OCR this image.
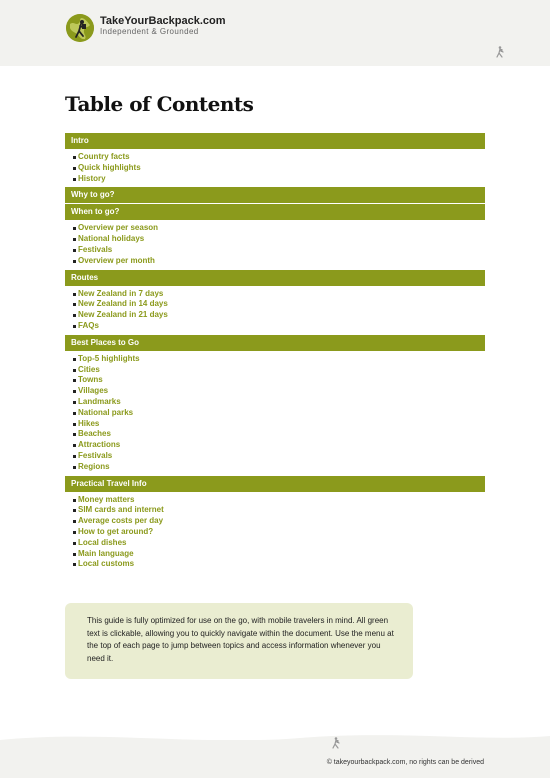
TakeYourBackpack.com
Independent & Grounded
Table of Contents
Intro
Country facts
Quick highlights
History
Why to go?
When to go?
Overview per season
National holidays
Festivals
Overview per month
Routes
New Zealand in 7 days
New Zealand in 14 days
New Zealand in 21 days
FAQs
Best Places to Go
Top-5 highlights
Cities
Towns
Villages
Landmarks
National parks
Hikes
Beaches
Attractions
Festivals
Regions
Practical Travel Info
Money matters
SIM cards and internet
Average costs per day
How to get around?
Local dishes
Main language
Local customs

This guide is fully optimized for use on the go, with mobile travelers in mind. All green text is clickable, allowing you to quickly navigate within the document. Use the menu at the top of each page to jump between topics and access information whenever you need it.

© takeyourbackpack.com, no rights can be derived
